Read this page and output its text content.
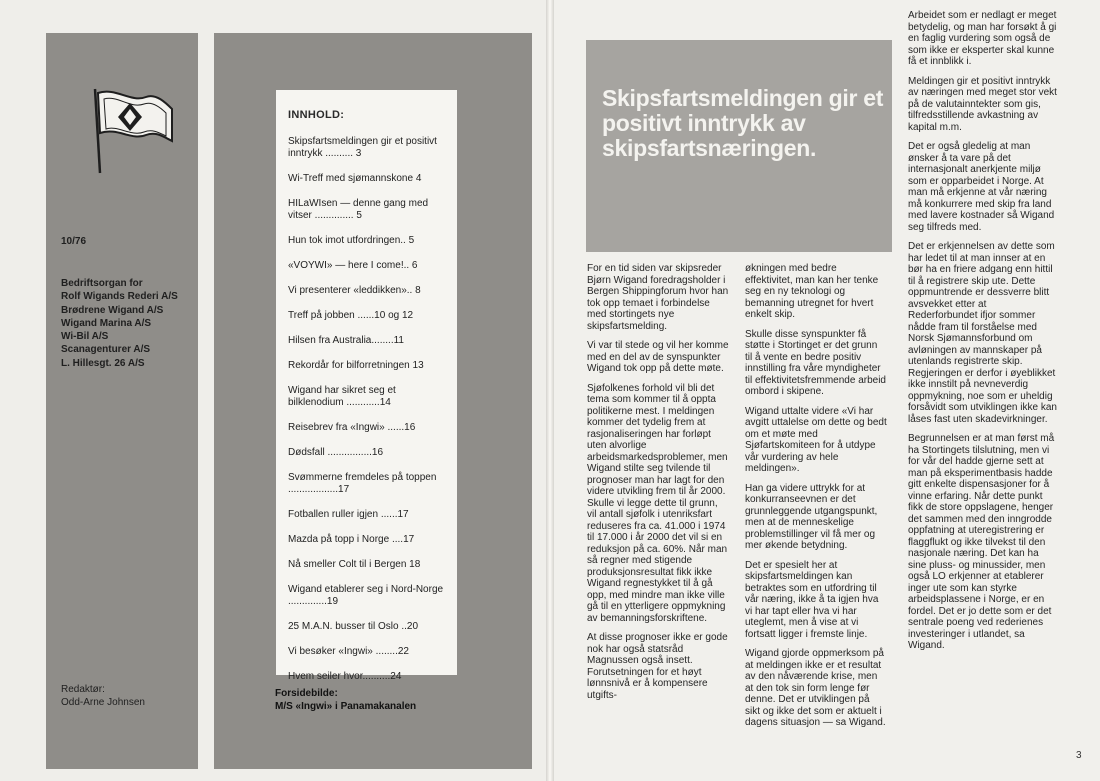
10/76
Bedriftsorgan for
Rolf Wigands Rederi A/S
Brødrene Wigand A/S
Wigand Marina A/S
Wi-Bil A/S
Scanagenturer A/S
L. Hillesgt. 26 A/S
Redaktør:
Odd-Arne Johnsen
INNHOLD:
Skipsfartsmeldingen gir et positivt inntrykk .......... 3
Wi-Treff med sjømannskone 4
HILaWIsen — denne gang med vitser .............. 5
Hun tok imot utfordringen.. 5
«VOYWI» — here I come!.. 6
Vi presenterer «leddikken».. 8
Treff på jobben ......10 og 12
Hilsen fra Australia........11
Rekordår for bilforretningen 13
Wigand har sikret seg et bilklenodium ............14
Reisebrev fra «Ingwi» ......16
Dødsfall ................16
Svømmerne fremdeles på toppen ..................17
Fotballen ruller igjen ......17
Mazda på topp i Norge ....17
Nå smeller Colt til i Bergen 18
Wigand etablerer seg i Nord-Norge ..............19
25 M.A.N. busser til Oslo ..20
Vi besøker «Ingwi» ........22
Hvem seiler hvor..........24
Forsidebilde:
M/S «Ingwi» i Panamakanalen
Skipsfartsmeldingen gir et positivt inntrykk av skipsfartsnæringen.

For en tid siden var skipsreder Bjørn Wigand foredragsholder i Bergen Shippingforum hvor han tok opp temaet i forbindelse med stortingets nye skipsfartsmelding.

Vi var til stede og vil her komme med en del av de synspunkter Wigand tok opp på dette møte.

Sjøfolkenes forhold vil bli det tema som kommer til å oppta politikerne mest. I meldingen kommer det tydelig frem at rasjonaliseringen har forløpt uten alvorlige arbeidsmarkedsproblemer, men Wigand stilte seg tvilende til prognoser man har lagt for den videre utvikling frem til år 2000. Skulle vi legge dette til grunn, vil antall sjøfolk i utenriksfart reduseres fra ca. 41.000 i 1974 til 17.000 i år 2000 det vil si en reduksjon på ca. 60%. Når man så regner med stigende produksjonsresultat fikk ikke Wigand regnestykket til å gå opp, med mindre man ikke ville gå til en ytterligere oppmykning av bemanningsforskriftene.

At disse prognoser ikke er gode nok har også statsråd Magnussen også insett. Forutsetningen for et høyt lønnsnivå er å kompensere utgifts-

økningen med bedre effektivitet, man kan her tenke seg en ny teknologi og bemanning utregnet for hvert enkelt skip.

Skulle disse synspunkter få støtte i Stortinget er det grunn til å vente en bedre positiv innstilling fra våre myndigheter til effektivitetsfremmende arbeid ombord i skipene.

Wigand uttalte videre «Vi har avgitt uttalelse om dette og bedt om et møte med Sjøfartskomiteen for å utdype vår vurdering av hele meldingen».

Han ga videre uttrykk for at konkurranseevnen er det grunnleggende utgangspunkt, men at de menneskelige problemstillinger vil få mer og mer økende betydning.

Det er spesielt her at skipsfartsmeldingen kan betraktes som en utfordring til vår næring, ikke å ta igjen hva vi har tapt eller hva vi har uteglemt, men å vise at vi fortsatt ligger i fremste linje.

Wigand gjorde oppmerksom på at meldingen ikke er et resultat av den nåværende krise, men at den tok sin form lenge før denne. Det er utviklingen på sikt og ikke det som er aktuelt i dagens situasjon — sa Wigand.

Arbeidet som er nedlagt er meget betydelig, og man har forsøkt å gi en faglig vurdering som også de som ikke er eksperter skal kunne få et innblikk i.

Meldingen gir et positivt inntrykk av næringen med meget stor vekt på de valutainntekter som gis, tilfredsstillende avkastning av kapital m.m.

Det er også gledelig at man ønsker å ta vare på det internasjonalt anerkjente miljø som er opparbeidet i Norge. At man må erkjenne at vår næring må konkurrere med skip fra land med lavere kostnader så Wigand seg tilfreds med.

Det er erkjennelsen av dette som har ledet til at man innser at en bør ha en friere adgang enn hittil til å registrere skip ute. Dette oppmuntrende er dessverre blitt avsvekket etter at Rederforbundet ifjor sommer nådde fram til forståelse med Norsk Sjømannsforbund om avløningen av mannskaper på utenlands registrerte skip. Regjeringen er derfor i øyeblikket ikke innstilt på nevneverdig oppmykning, noe som er uheldig forsåvidt som utviklingen ikke kan låses fast uten skadevirkninger.

Begrunnelsen er at man først må ha Stortingets tilslutning, men vi for vår del hadde gjerne sett at man på eksperimentbasis hadde gitt enkelte dispensasjoner for å vinne erfaring. Når dette punkt fikk de store oppslagene, henger det sammen med den inngrodde oppfatning at uteregistrering er flaggflukt og ikke tilvekst til den nasjonale næring. Det kan ha sine pluss- og minussider, men også LO erkjenner at etablerer inger ute som kan styrke arbeidsplassene i Norge, er en fordel. Det er jo dette som er det sentrale poeng ved rederienes investeringer i utlandet, sa Wigand.

3
